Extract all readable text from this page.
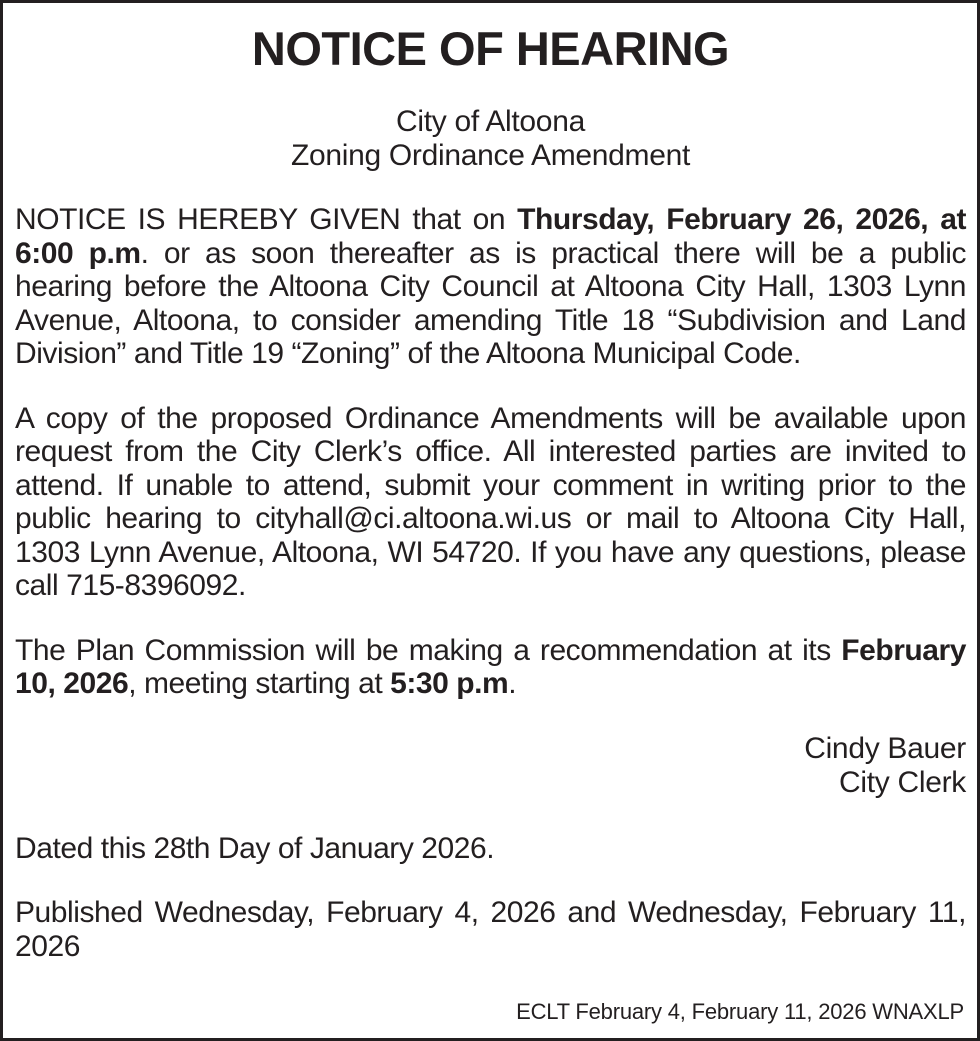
NOTICE OF HEARING
City of Altoona
Zoning Ordinance Amendment

NOTICE IS HEREBY GIVEN that on Thursday, February 26, 2026, at 6:00 p.m. or as soon thereafter as is practical there will be a public hearing before the Altoona City Council at Altoona City Hall, 1303 Lynn Avenue, Altoona, to consider amending Title 18 “Subdivision and Land Division” and Title 19 “Zoning” of the Altoona Municipal Code.

A copy of the proposed Ordinance Amendments will be available upon request from the City Clerk’s office. All interested parties are invited to attend. If unable to attend, submit your comment in writing prior to the public hearing to cityhall@ci.altoona.wi.us or mail to Altoona City Hall, 1303 Lynn Avenue, Altoona, WI 54720. If you have any questions, please call 715-8396092.

The Plan Commission will be making a recommendation at its February 10, 2026, meeting starting at 5:30 p.m.

Cindy Bauer
City Clerk

Dated this 28th Day of January 2026.

Published Wednesday, February 4, 2026 and Wednesday, February 11, 2026

ECLT February 4, February 11, 2026 WNAXLP
